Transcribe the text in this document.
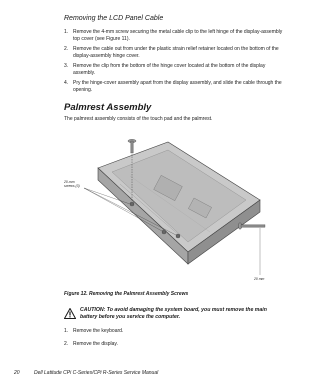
Removing the LCD Panel Cable
1. Remove the 4-mm screw securing the metal cable clip to the left hinge of the display-assembly top cover (see Figure 11).
2. Remove the cable out from under the plastic strain relief retainer located on the bottom of the display-assembly hinge cover.
3. Remove the clip from the bottom of the hinge cover located at the bottom of the display assembly.
4. Pry the hinge-cover assembly apart from the display assembly, and slide the cable through the opening.
Palmrest Assembly
The palmrest assembly consists of the touch pad and the palmrest.
20-mm
screws (3)
20 mm
Figure 12. Removing the Palmrest Assembly Screws
CAUTION: To avoid damaging the system board, you must remove the main battery before you service the computer.
1. Remove the keyboard.
2. Remove the display.
20	Dell Latitude CPi C-Series/CPi R-Series Service Manual
